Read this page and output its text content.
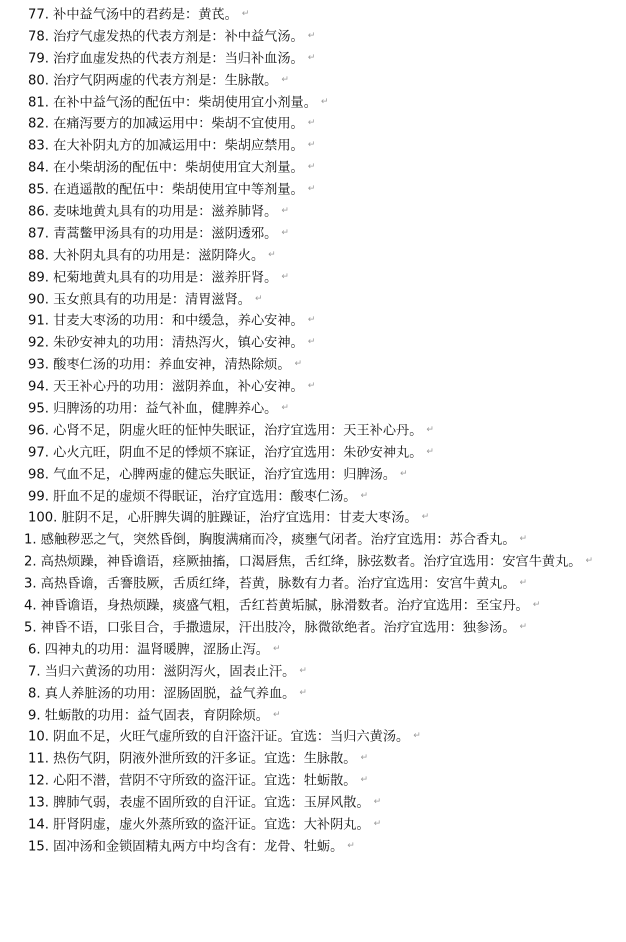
77. 补中益气汤中的君药是：黄芪。 ↵

78. 治疗气虚发热的代表方剂是：补中益气汤。 ↵

79. 治疗血虚发热的代表方剂是：当归补血汤。 ↵

80. 治疗气阴两虚的代表方剂是：生脉散。 ↵

81. 在补中益气汤的配伍中：柴胡使用宜小剂量。 ↵

82. 在痛泻要方的加减运用中：柴胡不宜使用。 ↵

83. 在大补阴丸方的加减运用中：柴胡应禁用。 ↵

84. 在小柴胡汤的配伍中：柴胡使用宜大剂量。 ↵

85. 在逍遥散的配伍中：柴胡使用宜中等剂量。 ↵

86. 麦味地黄丸具有的功用是：滋养肺肾。 ↵

87. 青蒿鳖甲汤具有的功用是：滋阴透邪。 ↵

88. 大补阴丸具有的功用是：滋阴降火。 ↵

89. 杞菊地黄丸具有的功用是：滋养肝肾。 ↵

90. 玉女煎具有的功用是：清胃滋肾。 ↵

91. 甘麦大枣汤的功用：和中缓急，养心安神。 ↵

92. 朱砂安神丸的功用：清热泻火，镇心安神。 ↵

93. 酸枣仁汤的功用：养血安神，清热除烦。 ↵

94. 天王补心丹的功用：滋阴养血，补心安神。 ↵

95. 归脾汤的功用：益气补血，健脾养心。 ↵

96. 心肾不足，阴虚火旺的怔忡失眠证，治疗宜选用：天王补心丹。 ↵

97. 心火亢旺，阴血不足的悸烦不寐证，治疗宜选用：朱砂安神丸。 ↵

98. 气血不足，心脾两虚的健忘失眠证，治疗宜选用：归脾汤。 ↵

99. 肝血不足的虚烦不得眠证，治疗宜选用：酸枣仁汤。 ↵

100. 脏阴不足，心肝脾失调的脏躁证，治疗宜选用：甘麦大枣汤。 ↵

1. 感触秽恶之气，突然昏倒，胸腹满痛而冷，痰壅气闭者。治疗宜选用：苏合香丸。 ↵

2. 高热烦躁，神昏谵语，痉厥抽搐，口渴唇焦，舌红绛，脉弦数者。治疗宜选用：安宫牛黄丸。 ↵

3. 高热昏谵，舌謇肢厥，舌质红绛，苔黄，脉数有力者。治疗宜选用：安宫牛黄丸。 ↵

4. 神昏谵语，身热烦躁，痰盛气粗，舌红苔黄垢腻，脉滑数者。治疗宜选用：至宝丹。 ↵

5. 神昏不语，口张目合，手撒遗尿，汗出肢冷，脉微欲绝者。治疗宜选用：独参汤。 ↵

6. 四神丸的功用：温肾暖脾，涩肠止泻。 ↵

7. 当归六黄汤的功用：滋阴泻火，固表止汗。 ↵

8. 真人养脏汤的功用：涩肠固脱，益气养血。 ↵

9. 牡蛎散的功用：益气固表，育阴除烦。 ↵

10. 阴血不足，火旺气虚所致的自汗盗汗证。宜选：当归六黄汤。 ↵

11. 热伤气阴，阴液外泄所致的汗多证。宜选：生脉散。 ↵

12. 心阳不潜，营阴不守所致的盗汗证。宜选：牡蛎散。 ↵

13. 脾肺气弱，表虚不固所致的自汗证。宜选：玉屏风散。 ↵

14. 肝肾阴虚，虚火外蒸所致的盗汗证。宜选：大补阴丸。 ↵

15. 固冲汤和金锁固精丸两方中均含有：龙骨、牡蛎。 ↵
